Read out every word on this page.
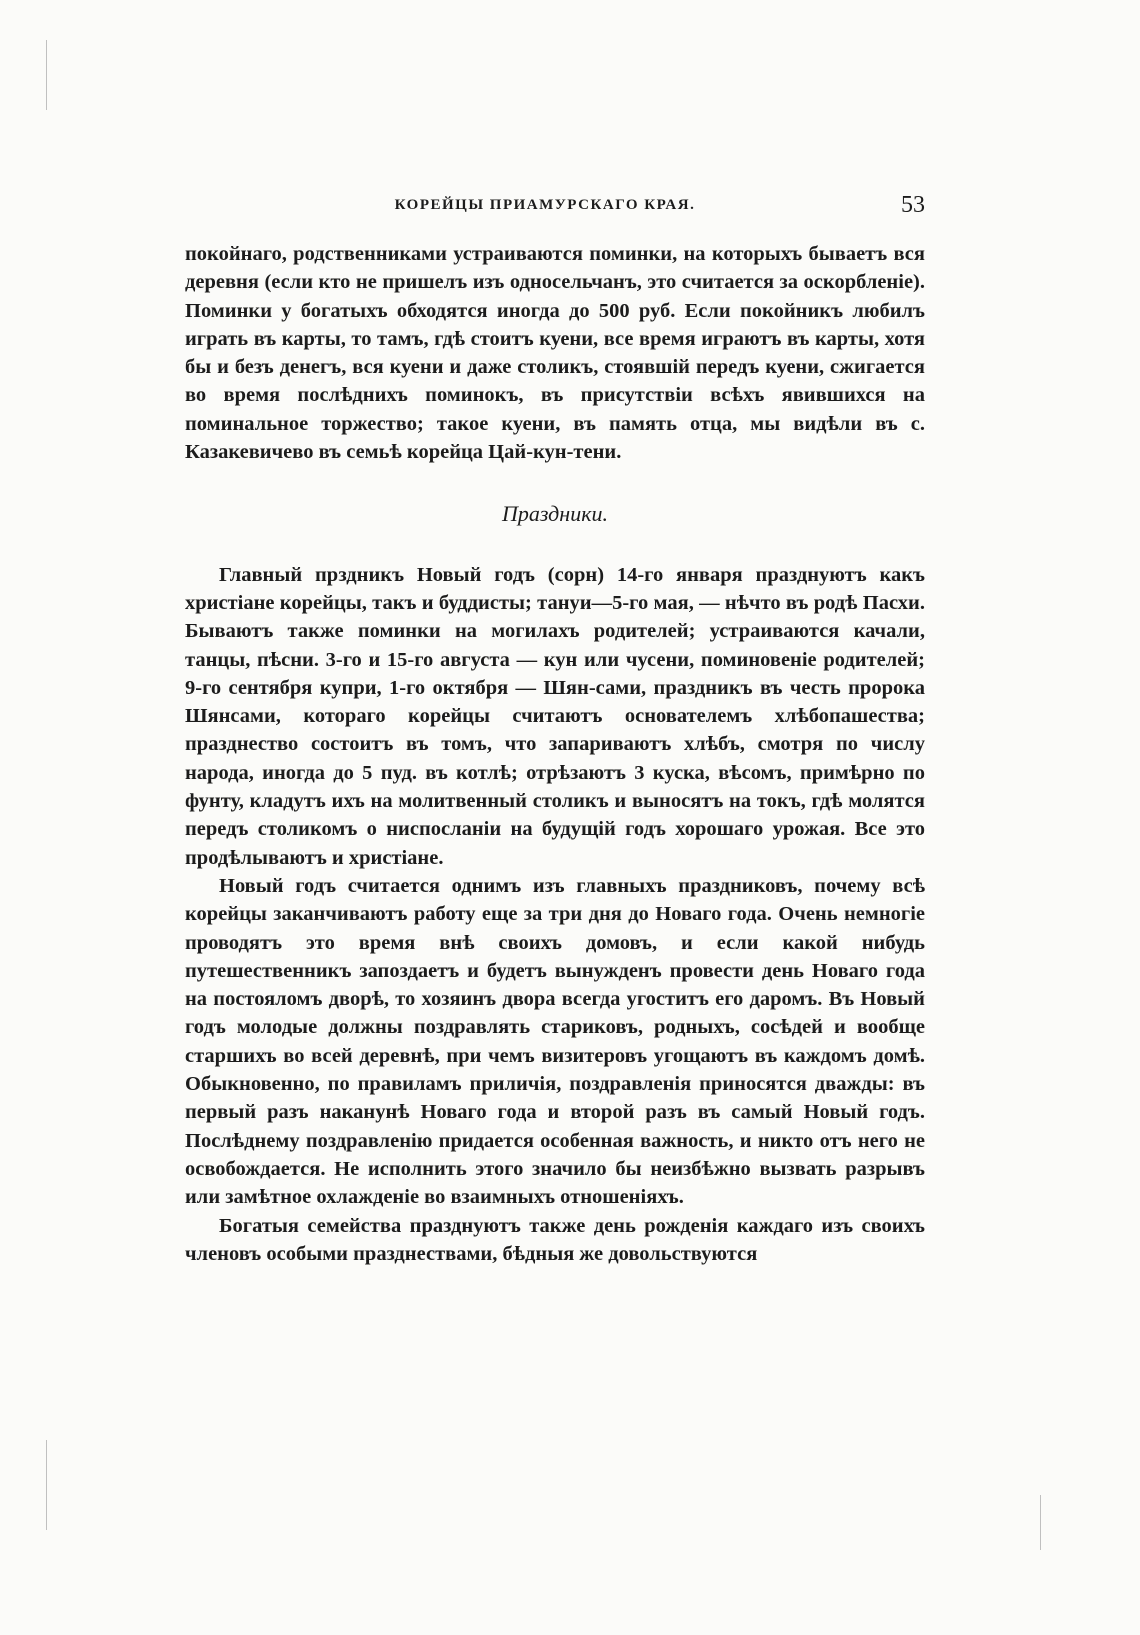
КОРЕЙЦЫ ПРИАМУРСКАГО КРАЯ.	53

покойнаго, родственниками устраиваются поминки, на которыхъ бываетъ вся деревня (если кто не пришелъ изъ односельчанъ, это считается за оскорбленіе). Поминки у богатыхъ обходятся иногда до 500 руб. Если покойникъ любилъ играть въ карты, то тамъ, гдѣ стоитъ куени, все время играютъ въ карты, хотя бы и безъ денегъ, вся куени и даже столикъ, стоявшій передъ куени, сжигается во время послѣднихъ поминокъ, въ присутствіи всѣхъ явившихся на поминальное торжество; такое куени, въ память отца, мы видѣли въ с. Казакевичево въ семьѣ корейца Цай-кун-тени.

Праздники.

Главный прздникъ Новый годъ (сорн) 14-го января празднуютъ какъ христіане корейцы, такъ и буддисты; тануи—5-го мая, — нѣчто въ родѣ Пасхи. Бываютъ также поминки на могилахъ родителей; устраиваются качали, танцы, пѣсни. 3-го и 15-го августа — кун или чусени, поминовеніе родителей; 9-го сентября купри, 1-го октября — Шян-сами, праздникъ въ честь пророка Шянсами, котораго корейцы считаютъ основателемъ хлѣбопашества; празднество состоитъ въ томъ, что запариваютъ хлѣбъ, смотря по числу народа, иногда до 5 пуд. въ котлѣ; отрѣзаютъ 3 куска, вѣсомъ, примѣрно по фунту, кладутъ ихъ на молитвенный столикъ и выносятъ на токъ, гдѣ молятся передъ столикомъ о ниспосланіи на будущій годъ хорошаго урожая. Все это продѣлываютъ и христіане.

Новый годъ считается однимъ изъ главныхъ праздниковъ, почему всѣ корейцы заканчиваютъ работу еще за три дня до Новаго года. Очень немногіе проводятъ это время внѣ своихъ домовъ, и если какой нибудь путешественникъ запоздаетъ и будетъ вынужденъ провести день Новаго года на постояломъ дворѣ, то хозяинъ двора всегда угоститъ его даромъ. Въ Новый годъ молодые должны поздравлять стариковъ, родныхъ, сосѣдей и вообще старшихъ во всей деревнѣ, при чемъ визитеровъ угощаютъ въ каждомъ домѣ. Обыкновенно, по правиламъ приличія, поздравленія приносятся дважды: въ первый разъ наканунѣ Новаго года и второй разъ въ самый Новый годъ. Послѣднему поздравленію придается особенная важность, и никто отъ него не освобождается. Не исполнить этого значило бы неизбѣжно вызвать разрывъ или замѣтное охлажденіе во взаимныхъ отношеніяхъ.

Богатыя семейства празднуютъ также день рожденія каждаго изъ своихъ членовъ особыми празднествами, бѣдныя же довольствуются
